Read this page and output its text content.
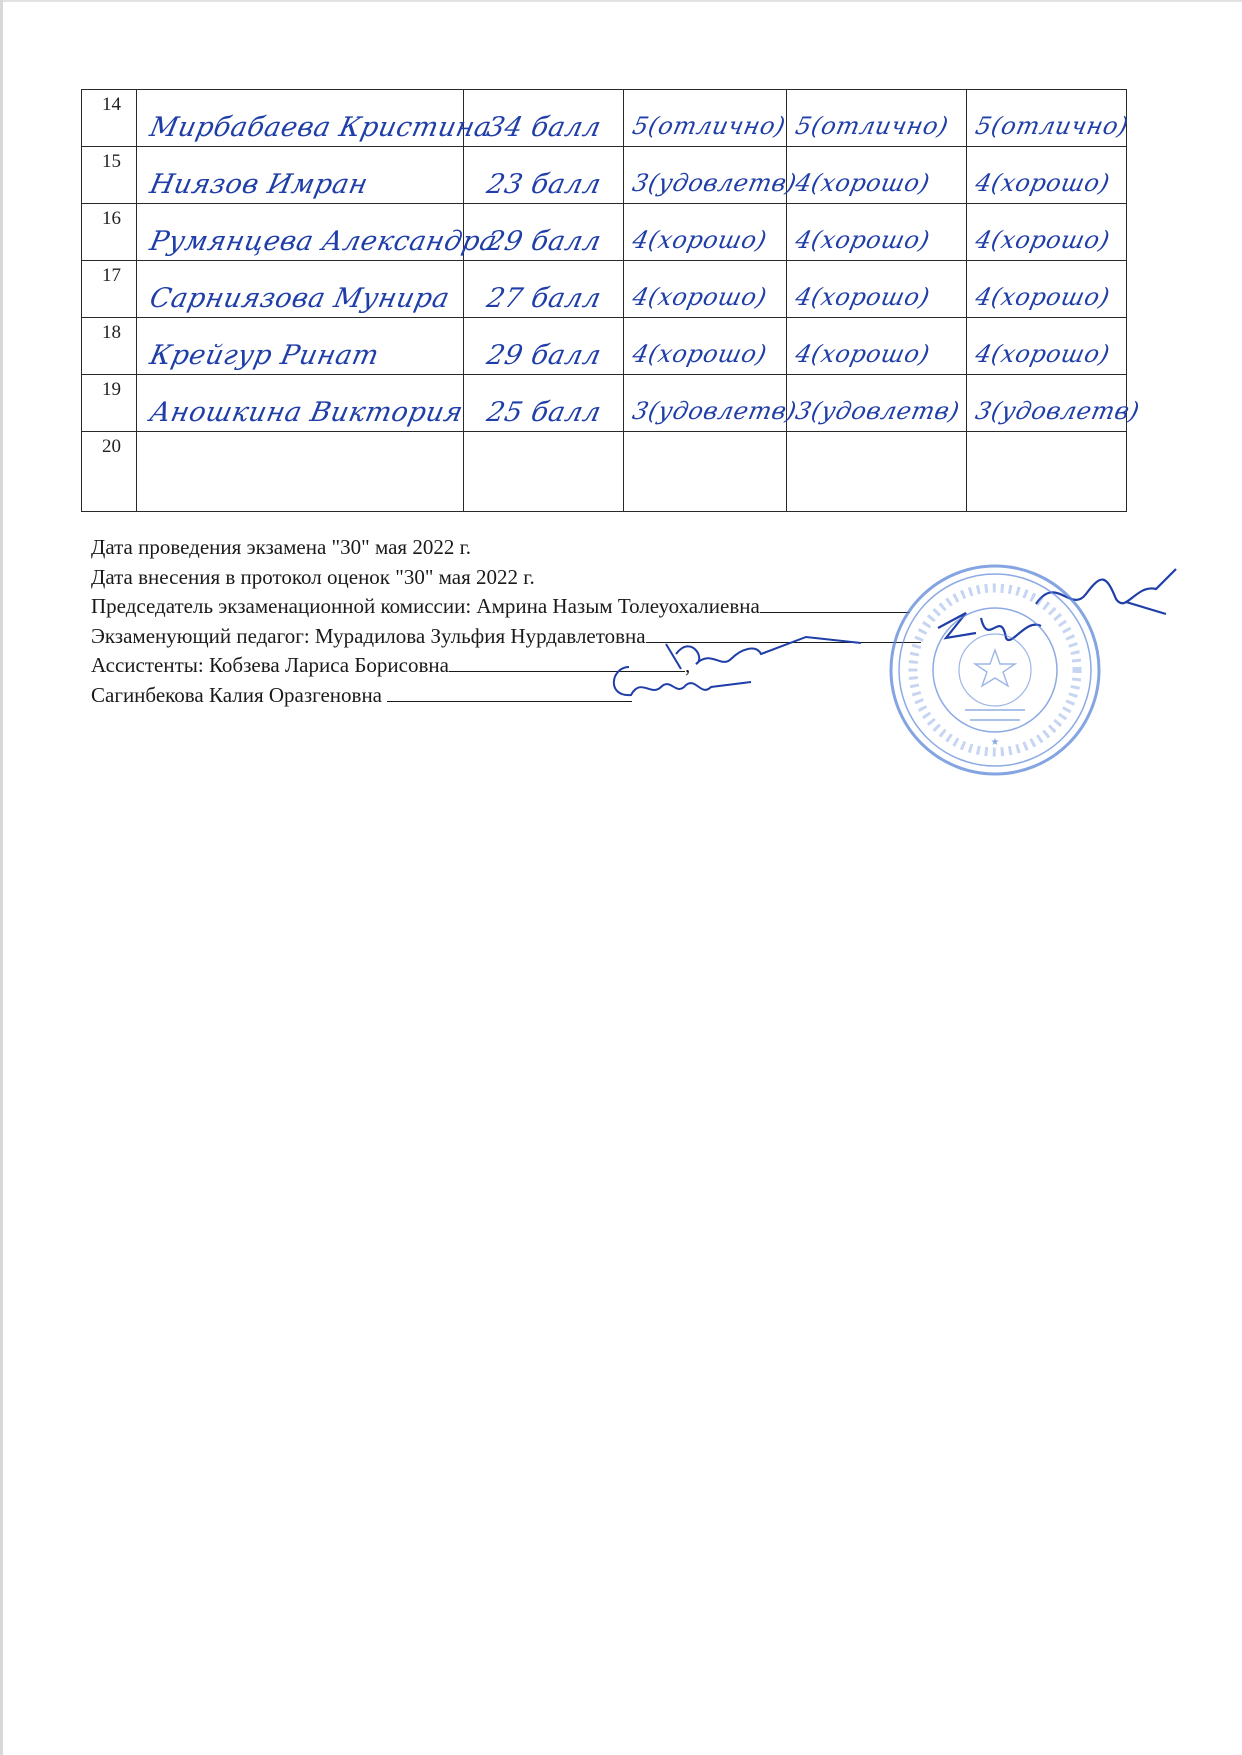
14	Мирбабаева Кристина	34 балл	5(отлично)	5(отлично)	5(отлично)

15	Ниязов Имран	23 балл	3(удовлетв)	4(хорошо)	4(хорошо)

16	Румянцева Александра	29 балл	4(хорошо)	4(хорошо)	4(хорошо)

17	Сарниязова Мунира	27 балл	4(хорошо)	4(хорошо)	4(хорошо)

18	Крейгур Ринат	29 балл	4(хорошо)	4(хорошо)	4(хорошо)

19	Аношкина Виктория	25 балл	3(удовлетв)	3(удовлетв)	3(удовлетв)

20					

Дата проведения экзамена "30" мая 2022 г.
Дата внесения в протокол оценок "30" мая 2022 г.
Председатель экзаменационной комиссии: Амрина Назым Толеуохалиевна
Экзаменующий педагог: Мурадилова Зульфия Нурдавлетовна
Ассистенты: Кобзева Лариса Борисовна	,
Сагинбекова Калия Оразгеновна
★
